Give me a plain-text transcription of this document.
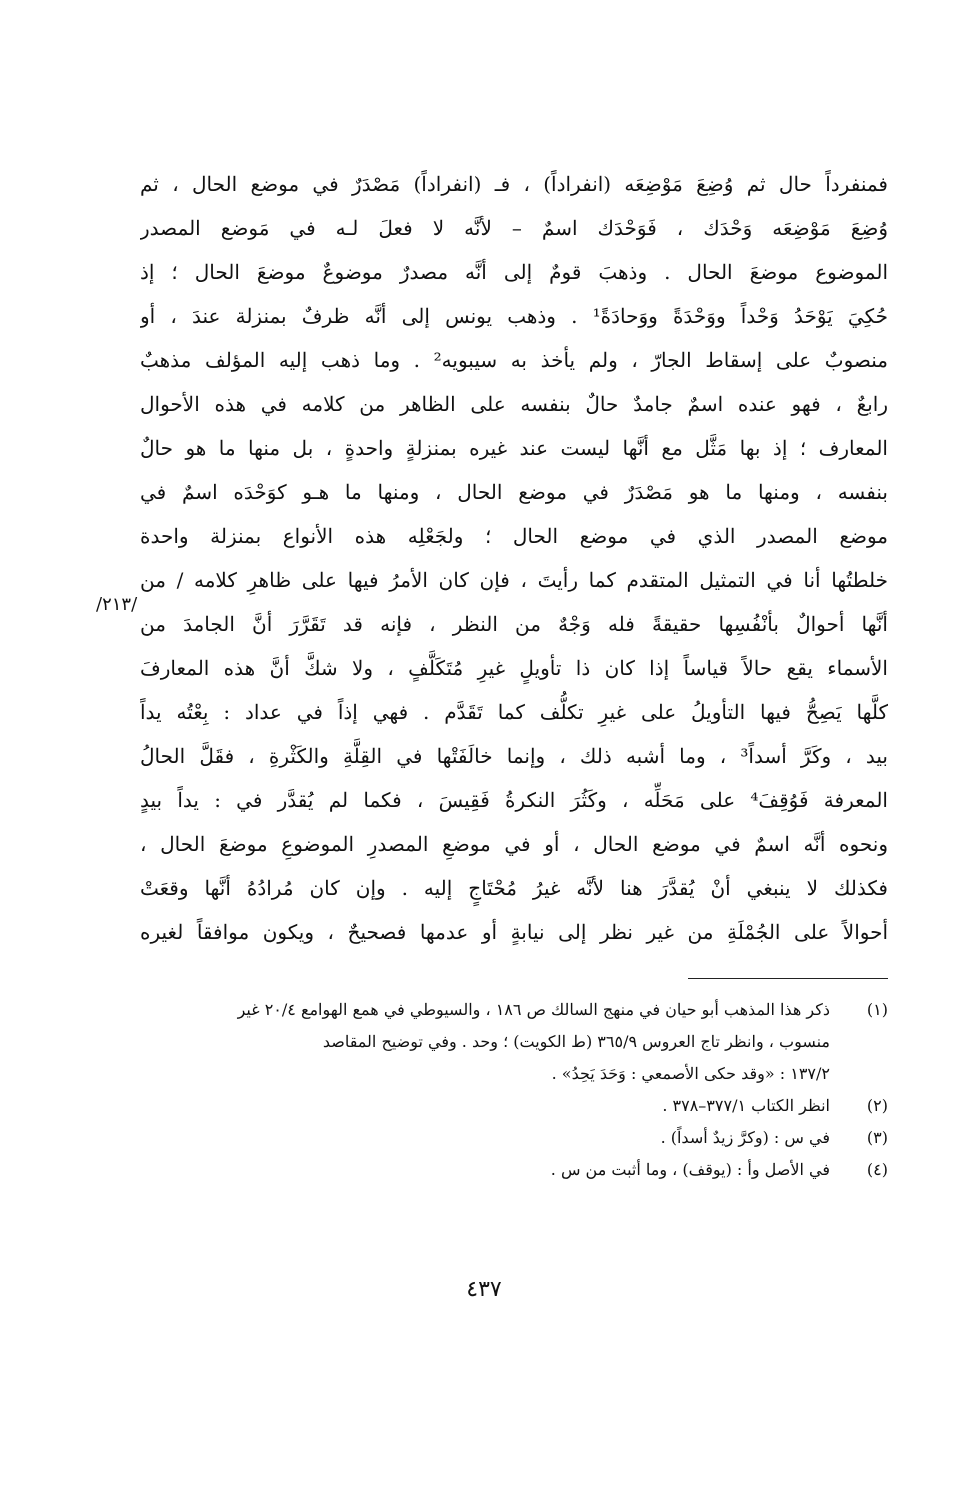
فمنفرداً حال ثم وُضِعَ مَوْضِعَه (انفراداً) ، فـ (انفراداً) مَصْدَرٌ في موضع الحال ، ثم
وُضِعَ مَوْضِعَه وَحْدَك ، فَوَحْدَك اسمٌ – لأنَّه لا فعلَ لـه في مَوضع المصدر
الموضوع موضعَ الحال . وذهبَ قومٌ إلى أنَّه مصدرٌ موضوعٌ موضعَ الحال ؛ إذ
حُكِيَ يَوْحَدُ وَحْداً ووَحْدَةً ووَحادَةً¹ . وذهب يونس إلى أنَّه ظرفٌ بمنزلة عندَ ، أو
منصوبٌ على إسقاط الجارّ ، ولم يأخذ به سيبويه² . وما ذهب إليه المؤلف مذهبٌ
رابعٌ ، فهو عنده اسمٌ جامدٌ حالٌ بنفسه على الظاهر من كلامه في هذه الأحوال
المعارف ؛ إذ بها مَثَّل مع أنَّها ليست عند غيره بمنزلةٍ واحدةٍ ، بل منها ما هو حالٌ
بنفسه ، ومنها ما هو مَصْدَرٌ في موضع الحال ، ومنها ما هـو كوَحْدَه اسمٌ في
موضع المصدر الذي في موضع الحال ؛ ولجَعْلِه هذه الأنواع بمنزلة واحدة
خلطتُها أنا في التمثيل المتقدم كما رأيتَ ، فإن كان الأمرُ فيها على ظاهرِ كلامه / من
أنَّها أحوالٌ بأنْفُسِها حقيقةً فله وَجْهٌ من النظر ، فإنه قد تَقَرَّرَ أنَّ الجامدَ من
الأسماء يقع حالاً قياساً إذا كان ذا تأويلٍ غيرِ مُتَكَلَّفٍ ، ولا شكَّ أنَّ هذه المعارفَ
كلَّها يَصِحُّ فيها التأويلُ على غيرِ تكلُّف كما تَقَدَّم . فهي إذاً في عداد : بِعْتُه يداً
بيد ، وكَرَّ أسداً³ ، وما أشبه ذلك ، وإنما خالَفَتْها في القِلَّةِ والكَثْرةِ ، فقَلَّ الحالُ
المعرفة فَوُقِفَ⁴ على مَحَلِّه ، وكَثُرَ النكرةُ فَقِيسَ ، فكما لم يُقدَّر في : يداً بيدٍ
ونحوه أنَّه اسمٌ في موضع الحال ، أو في موضعِ المصدرِ الموضوعِ موضعَ الحال ،
فكذلك لا ينبغي أنْ يُقدَّرَ هنا لأنَّه غيرُ مُحْتَاجٍ إليه . وإن كان مُرادُهُ أنَّها وقعَتْ
أحوالاً على الجُمْلَةِ من غير نظر إلى نيابةٍ أو عدمها فصحيحٌ ، ويكون موافقاً لغيره
/٢١٣/
(١)
ذكر هذا المذهب أبو حيان في منهج السالك ص ١٨٦ ، والسيوطي في همع الهوامع ٢٠/٤ غير
منسوب ، وانظر تاج العروس ٣٦٥/٩ (ط الكويت) ؛ وحد . وفي توضيح المقاصد
١٣٧/٢ : «وقد حكى الأصمعي : وَحَدَ يَحِدُ» .
(٢)
انظر الكتاب ٣٧٧/١–٣٧٨ .
(٣)
في س : (وكرَّ زيدٌ أسداً) .
(٤)
في الأصل وأ : (يوقف) ، وما أثبت من س .
٤٣٧
